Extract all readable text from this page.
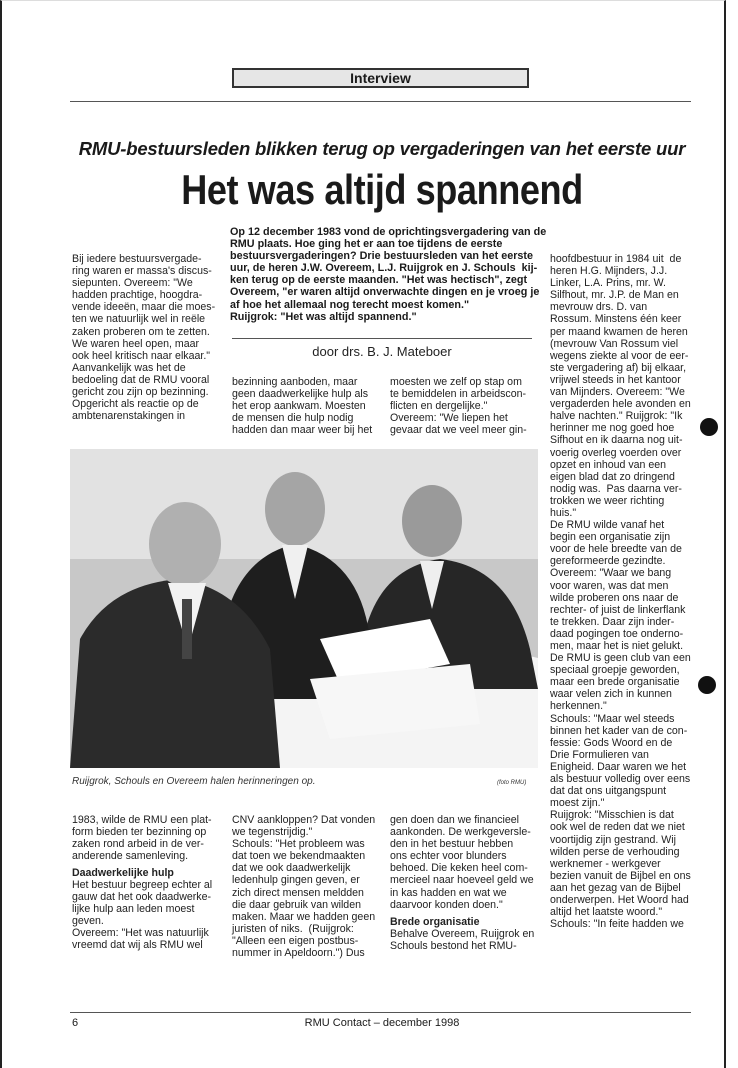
Interview
RMU-bestuursleden blikken terug op vergaderingen van het eerste uur
Het was altijd spannend
Op 12 december 1983 vond de oprichtingsvergadering van de
RMU plaats. Hoe ging het er aan toe tijdens de eerste
bestuursvergaderingen? Drie bestuursleden van het eerste
uur, de heren J.W. Overeem, L.J. Ruijgrok en J. Schouls  kij-
ken terug op de eerste maanden. "Het was hectisch", zegt
Overeem, "er waren altijd onverwachte dingen en je vroeg je
af hoe het allemaal nog terecht moest komen."
Ruijgrok: "Het was altijd spannend."
door drs. B. J. Mateboer
Bij iedere bestuursvergade-
ring waren er massa's discus-
siepunten. Overeem: "We
hadden prachtige, hoogdra-
vende ideeën, maar die moes-
ten we natuurlijk wel in reële
zaken proberen om te zetten.
We waren heel open, maar
ook heel kritisch naar elkaar."
Aanvankelijk was het de
bedoeling dat de RMU vooral
gericht zou zijn op bezinning.
Opgericht als reactie op de
ambtenarenstakingen in
bezinning aanboden, maar
geen daadwerkelijke hulp als
het erop aankwam. Moesten
de mensen die hulp nodig
hadden dan maar weer bij het
moesten we zelf op stap om
te bemiddelen in arbeidscon-
flicten en dergelijke."
Overeem: "We liepen het
gevaar dat we veel meer gin-
hoofdbestuur in 1984 uit  de
heren H.G. Mijnders, J.J.
Linker, L.A. Prins, mr. W.
Silfhout, mr. J.P. de Man en
mevrouw drs. D. van
Rossum. Minstens één keer
per maand kwamen de heren
(mevrouw Van Rossum viel
wegens ziekte al voor de eer-
ste vergadering af) bij elkaar,
vrijwel steeds in het kantoor
van Mijnders. Overeem: "We
vergaderden hele avonden en
halve nachten." Ruijgrok: "Ik
herinner me nog goed hoe
Sifhout en ik daarna nog uit-
voerig overleg voerden over
opzet en inhoud van een
eigen blad dat zo dringend
nodig was.  Pas daarna ver-
trokken we weer richting
huis."
De RMU wilde vanaf het
begin een organisatie zijn
voor de hele breedte van de
gereformeerde gezindte.
Overeem: "Waar we bang
voor waren, was dat men
wilde proberen ons naar de
rechter- of juist de linkerflank
te trekken. Daar zijn inder-
daad pogingen toe onderno-
men, maar het is niet gelukt.
De RMU is geen club van een
speciaal groepje geworden,
maar een brede organisatie
waar velen zich in kunnen
herkennen."
Schouls: "Maar wel steeds
binnen het kader van de con-
fessie: Gods Woord en de
Drie Formulieren van
Enigheid. Daar waren we het
als bestuur volledig over eens
dat dat ons uitgangspunt
moest zijn."
Ruijgrok: "Misschien is dat
ook wel de reden dat we niet
voortijdig zijn gestrand. Wij
wilden perse de verhouding
werknemer - werkgever
bezien vanuit de Bijbel en ons
aan het gezag van de Bijbel
onderwerpen. Het Woord had
altijd het laatste woord."
Schouls: "In feite hadden we
Ruijgrok, Schouls en Overeem halen herinneringen op.	(foto RMU)
1983, wilde de RMU een plat-
form bieden ter bezinning op
zaken rond arbeid in de ver-
anderende samenleving.
Daadwerkelijke hulp
Het bestuur begreep echter al
gauw dat het ook daadwerke-
lijke hulp aan leden moest
geven.
Overeem: "Het was natuurlijk
vreemd dat wij als RMU wel
CNV aankloppen? Dat vonden
we tegenstrijdig."
Schouls: "Het probleem was
dat toen we bekendmaakten
dat we ook daadwerkelijk
ledenhulp gingen geven, er
zich direct mensen meldden
die daar gebruik van wilden
maken. Maar we hadden geen
juristen of niks.  (Ruijgrok:
"Alleen een eigen postbus-
nummer in Apeldoorn.") Dus
gen doen dan we financieel
aankonden. De werkgeversle-
den in het bestuur hebben
ons echter voor blunders
behoed. Die keken heel com-
mercieel naar hoeveel geld we
in kas hadden en wat we
daarvoor konden doen."
Brede organisatie
Behalve Overeem, Ruijgrok en
Schouls bestond het RMU-
6	RMU Contact – december 1998
